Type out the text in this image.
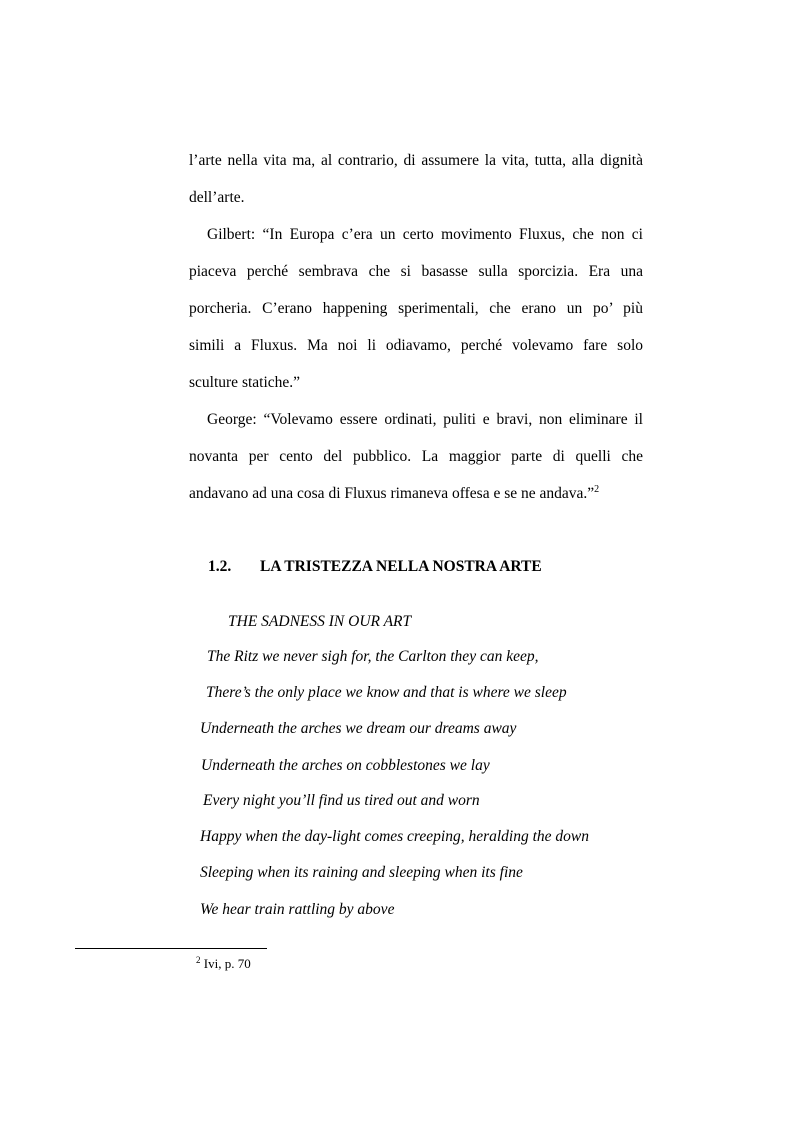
l’arte nella vita ma, al contrario, di assumere la vita, tutta, alla dignità
dell’arte.
Gilbert: “In Europa c’era un certo movimento Fluxus, che non ci
piaceva perché sembrava che si basasse sulla sporcizia. Era una
porcheria. C’erano happening sperimentali, che erano un po’ più
simili a Fluxus. Ma noi li odiavamo, perché volevamo fare solo
sculture statiche.”
George: “Volevamo essere ordinati, puliti e bravi, non eliminare il
novanta per cento del pubblico. La maggior parte di quelli che
andavano ad una cosa di Fluxus rimaneva offesa e se ne andava.”$^2$
1.2. LA TRISTEZZA NELLA NOSTRA ARTE
THE SADNESS IN OUR ART
The Ritz we never sigh for, the Carlton they can keep,
There’s the only place we know and that is where we sleep
Underneath the arches we dream our dreams away
Underneath the arches on cobblestones we lay
Every night you’ll find us tired out and worn
Happy when the day-light comes creeping, heralding the down
Sleeping when its raining and sleeping when its fine
We hear train rattling by above
$^2$ Ivi, p. 70
